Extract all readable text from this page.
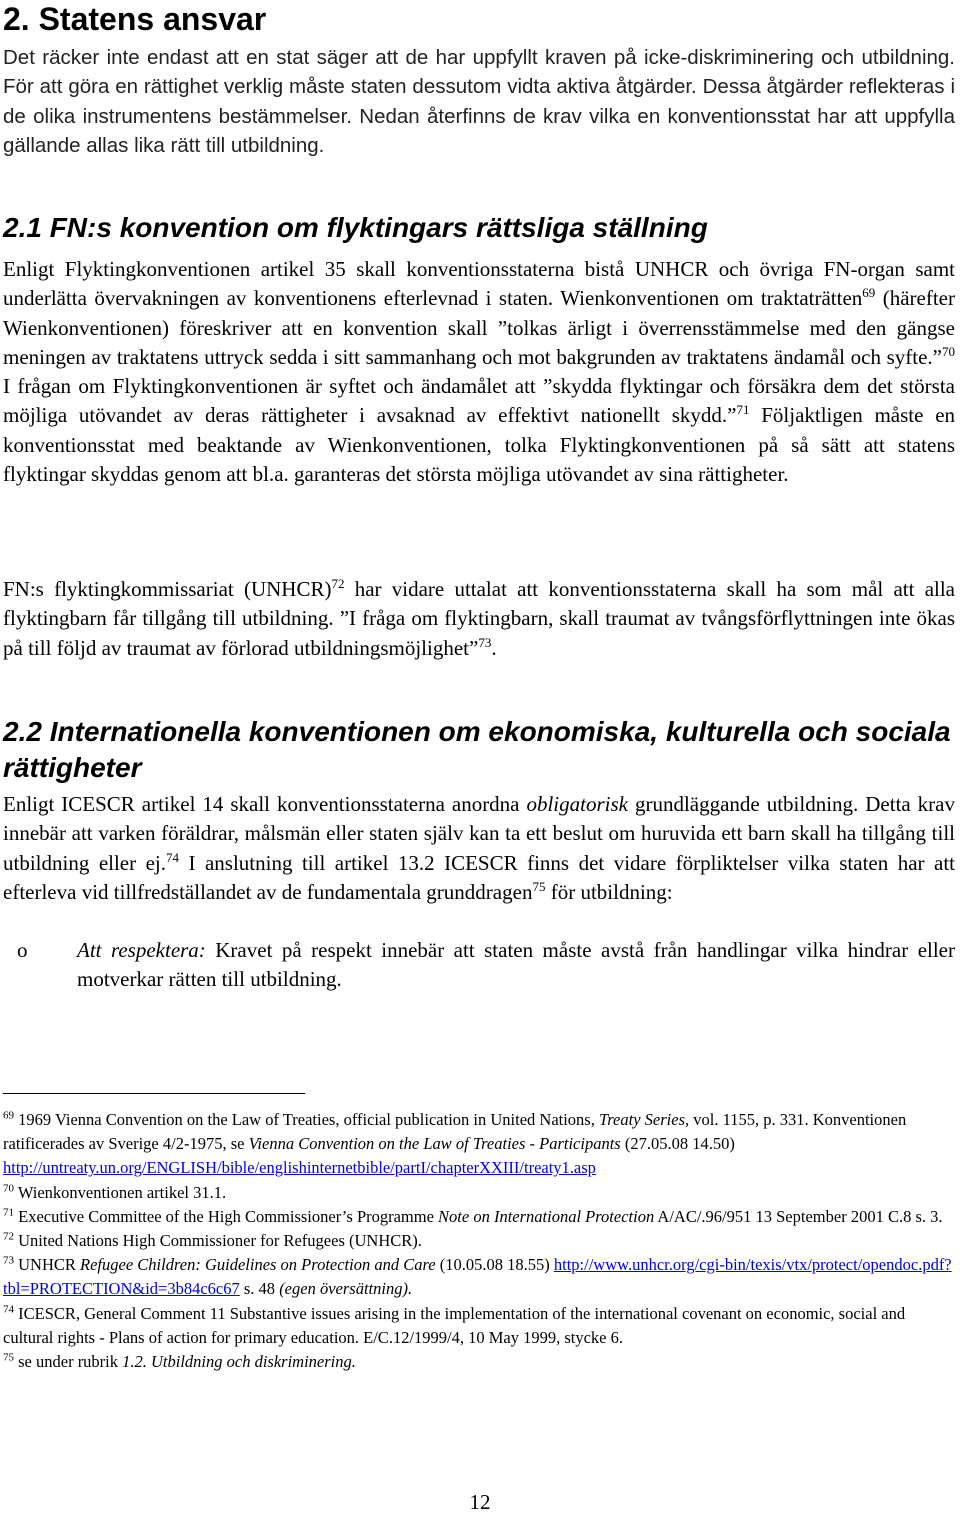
2. Statens ansvar

Det räcker inte endast att en stat säger att de har uppfyllt kraven på icke-diskriminering och utbildning. För att göra en rättighet verklig måste staten dessutom vidta aktiva åtgärder. Dessa åtgärder reflekteras i de olika instrumentens bestämmelser. Nedan återfinns de krav vilka en konventionsstat har att uppfylla gällande allas lika rätt till utbildning.

2.1 FN:s konvention om flyktingars rättsliga ställning

Enligt Flyktingkonventionen artikel 35 skall konventionsstaterna bistå UNHCR och övriga FN-organ samt underlätta övervakningen av konventionens efterlevnad i staten. Wienkonventionen om traktaträtten$^{69}$ (härefter Wienkonventionen) föreskriver att en konvention skall ”tolkas ärligt i överrensstämmelse med den gängse meningen av traktatens uttryck sedda i sitt sammanhang och mot bakgrunden av traktatens ändamål och syfte.”$^{70}$ I frågan om Flyktingkonventionen är syftet och ändamålet att ”skydda flyktingar och försäkra dem det största möjliga utövandet av deras rättigheter i avsaknad av effektivt nationellt skydd.”$^{71}$ Följaktligen måste en konventionsstat med beaktande av Wienkonventionen, tolka Flyktingkonventionen på så sätt att statens flyktingar skyddas genom att bl.a. garanteras det största möjliga utövandet av sina rättigheter.

FN:s flyktingkommissariat (UNHCR)$^{72}$ har vidare uttalat att konventionsstaterna skall ha som mål att alla flyktingbarn får tillgång till utbildning. ”I fråga om flyktingbarn, skall traumat av tvångsförflyttningen inte ökas på till följd av traumat av förlorad utbildningsmöjlighet”$^{73}$.

2.2 Internationella konventionen om ekonomiska, kulturella och sociala rättigheter

Enligt ICESCR artikel 14 skall konventionsstaterna anordna obligatorisk grundläggande utbildning. Detta krav innebär att varken föräldrar, målsmän eller staten själv kan ta ett beslut om huruvida ett barn skall ha tillgång till utbildning eller ej.$^{74}$ I anslutning till artikel 13.2 ICESCR finns det vidare förpliktelser vilka staten har att efterleva vid tillfredställandet av de fundamentala grunddragen$^{75}$ för utbildning:

o Att respektera: Kravet på respekt innebär att staten måste avstå från handlingar vilka hindrar eller motverkar rätten till utbildning.

$^{69}$ 1969 Vienna Convention on the Law of Treaties, official publication in United Nations, Treaty Series, vol. 1155, p. 331. Konventionen ratificerades av Sverige 4/2-1975, se Vienna Convention on the Law of Treaties - Participants (27.05.08 14.50)
http://untreaty.un.org/ENGLISH/bible/englishinternetbible/partI/chapterXXIII/treaty1.asp

$^{70}$ Wienkonventionen artikel 31.1.

$^{71}$ Executive Committee of the High Commissioner’s Programme Note on International Protection A/AC/.96/951 13 September 2001 C.8 s. 3.

$^{72}$ United Nations High Commissioner for Refugees (UNHCR).

$^{73}$ UNHCR Refugee Children: Guidelines on Protection and Care (10.05.08 18.55) http://www.unhcr.org/cgi-bin/texis/vtx/protect/opendoc.pdf?tbl=PROTECTION&id=3b84c6c67 s. 48 (egen översättning).

$^{74}$ ICESCR, General Comment 11 Substantive issues arising in the implementation of the international covenant on economic, social and cultural rights - Plans of action for primary education. E/C.12/1999/4, 10 May 1999, stycke 6.

$^{75}$ se under rubrik 1.2. Utbildning och diskriminering.

12
